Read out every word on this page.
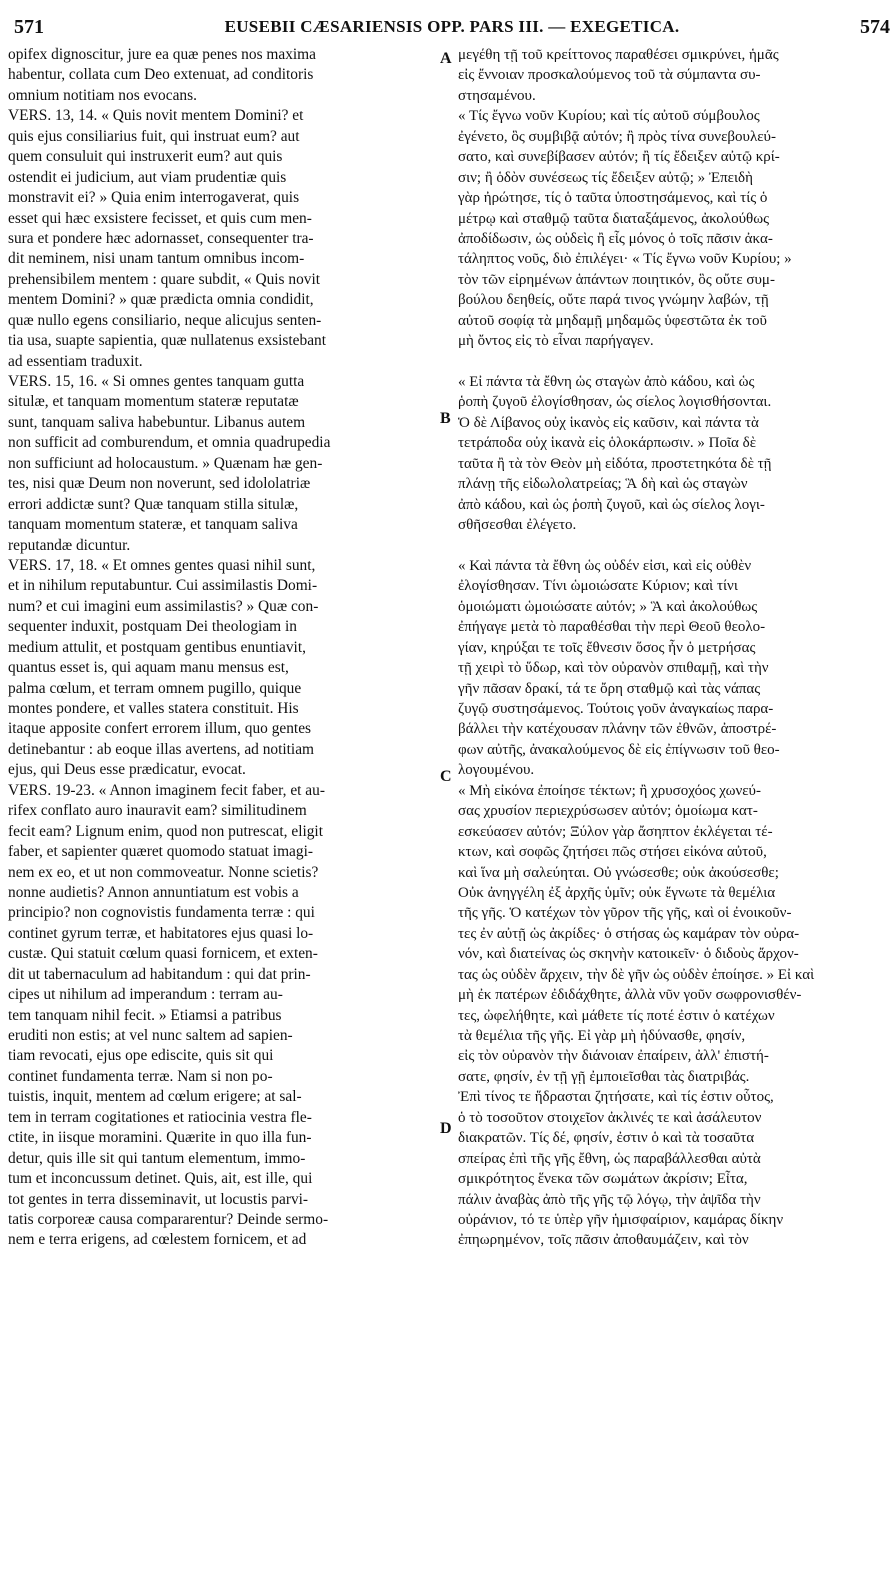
571	EUSEBII CÆSARIENSIS OPP. PARS III. — EXEGETICA.	574
opifex dignoscitur, jure ea quæ penes nos maxima
habentur, collata cum Deo extenuat, ad conditoris
omnium notitiam nos evocans.
VERS. 13, 14. « Quis novit mentem Domini? et
quis ejus consiliarius fuit, qui instruat eum? aut
quem consuluit qui instruxerit eum? aut quis
ostendit ei judicium, aut viam prudentiæ quis
monstravit ei? » Quia enim interrogaverat, quis
esset qui hæc exsistere fecisset, et quis cum men-
sura et pondere hæc adornasset, consequenter tra-
dit neminem, nisi unam tantum omnibus incom-
prehensibilem mentem : quare subdit, « Quis novit
mentem Domini? » quæ prædicta omnia condidit,
quæ nullo egens consiliario, neque alicujus senten-
tia usa, suapte sapientia, quæ nullatenus exsistebant
ad essentiam traduxit.
VERS. 15, 16. « Si omnes gentes tanquam gutta
situlæ, et tanquam momentum stateræ reputatæ
sunt, tanquam saliva habebuntur. Libanus autem
non sufficit ad comburendum, et omnia quadrupedia
non sufficiunt ad holocaustum. » Quænam hæ gen-
tes, nisi quæ Deum non noverunt, sed idololatriæ
errori addictæ sunt? Quæ tanquam stilla situlæ,
tanquam momentum stateræ, et tanquam saliva
reputandæ dicuntur.
VERS. 17, 18. « Et omnes gentes quasi nihil sunt,
et in nihilum reputabuntur. Cui assimilastis Domi-
num? et cui imagini eum assimilastis? » Quæ con-
sequenter induxit, postquam Dei theologiam in
medium attulit, et postquam gentibus enuntiavit,
quantus esset is, qui aquam manu mensus est,
palma cœlum, et terram omnem pugillo, quique
montes pondere, et valles statera constituit. His
itaque apposite confert errorem illum, quo gentes
detinebantur : ab eoque illas avertens, ad notitiam
ejus, qui Deus esse prædicatur, evocat.
VERS. 19-23. « Annon imaginem fecit faber, et au-
rifex conflato auro inauravit eam? similitudinem
fecit eam? Lignum enim, quod non putrescat, eligit
faber, et sapienter quæret quomodo statuat imagi-
nem ex eo, et ut non commoveatur. Nonne scietis?
nonne audietis? Annon annuntiatum est vobis a
principio? non cognovistis fundamenta terræ : qui
continet gyrum terræ, et habitatores ejus quasi lo-
custæ. Qui statuit cœlum quasi fornicem, et exten-
dit ut tabernaculum ad habitandum : qui dat prin-
cipes ut nihilum ad imperandum : terram au-
tem tanquam nihil fecit. » Etiamsi a patribus
eruditi non estis; at vel nunc saltem ad sapien-
tiam revocati, ejus ope ediscite, quis sit qui
continet fundamenta terræ. Nam si non po-
tuistis, inquit, mentem ad cœlum erigere; at sal-
tem in terram cogitationes et ratiocinia vestra fle-
ctite, in iisque moramini. Quærite in quo illa fun-
detur, quis ille sit qui tantum elementum, immo-
tum et inconcussum detinet. Quis, ait, est ille, qui
tot gentes in terra disseminavit, ut locustis parvi-
tatis corporeæ causa compararentur? Deinde sermo-
nem e terra erigens, ad cœlestem fornicem, et ad
A
B
C
D
μεγέθη τῇ τοῦ κρείττονος παραθέσει σμικρύνει, ἡμᾶς
εἰς ἔννοιαν προσκαλούμενος τοῦ τὰ σύμπαντα συ-
στησαμένου.
« Τίς ἔγνω νοῦν Κυρίου; καὶ τίς αὐτοῦ σύμβουλος
ἐγένετο, ὃς συμβιβᾷ αὐτόν; ἢ πρὸς τίνα συνεβουλεύ-
σατο, καὶ συνεβίβασεν αὐτόν; ἢ τίς ἔδειξεν αὐτῷ κρί-
σιν; ἢ ὁδὸν συνέσεως τίς ἔδειξεν αὐτῷ; » Ἐπειδὴ
γὰρ ἠρώτησε, τίς ὁ ταῦτα ὑποστησάμενος, καὶ τίς ὁ
μέτρῳ καὶ σταθμῷ ταῦτα διαταξάμενος, ἀκολούθως
ἀποδίδωσιν, ὡς οὐδεὶς ἢ εἷς μόνος ὁ τοῖς πᾶσιν ἀκα-
τάληπτος νοῦς, διὸ ἐπιλέγει· « Τίς ἔγνω νοῦν Κυρίου; »
τὸν τῶν εἰρημένων ἁπάντων ποιητικόν, ὃς οὔτε συμ-
βούλου δεηθείς, οὔτε παρά τινος γνώμην λαβών, τῇ
αὐτοῦ σοφίᾳ τὰ μηδαμῇ μηδαμῶς ὑφεστῶτα ἐκ τοῦ
μὴ ὄντος εἰς τὸ εἶναι παρήγαγεν.
« Εἰ πάντα τὰ ἔθνη ὡς σταγὼν ἀπὸ κάδου, καὶ ὡς
ῥοπὴ ζυγοῦ ἐλογίσθησαν, ὡς σίελος λογισθήσονται.
Ὁ δὲ Λίβανος οὐχ ἱκανὸς εἰς καῦσιν, καὶ πάντα τὰ
τετράποδα οὐχ ἱκανὰ εἰς ὁλοκάρπωσιν. » Ποῖα δὲ
ταῦτα ἢ τὰ τὸν Θεὸν μὴ εἰδότα, προστετηκότα δὲ τῇ
πλάνῃ τῆς εἰδωλολατρείας; Ἃ δὴ καὶ ὡς σταγὼν
ἀπὸ κάδου, καὶ ὡς ῥοπὴ ζυγοῦ, καὶ ὡς σίελος λογι-
σθῆσεσθαι ἐλέγετο.
« Καὶ πάντα τὰ ἔθνη ὡς οὐδέν εἰσι, καὶ εἰς οὐθὲν
ἐλογίσθησαν. Τίνι ὡμοιώσατε Κύριον; καὶ τίνι
ὁμοιώματι ὡμοιώσατε αὐτόν; » Ἃ καὶ ἀκολούθως
ἐπήγαγε μετὰ τὸ παραθέσθαι τὴν περὶ Θεοῦ θεολο-
γίαν, κηρύξαι τε τοῖς ἔθνεσιν ὅσος ἦν ὁ μετρήσας
τῇ χειρὶ τὸ ὕδωρ, καὶ τὸν οὐρανὸν σπιθαμῇ, καὶ τὴν
γῆν πᾶσαν δρακί, τά τε ὄρη σταθμῷ καὶ τὰς νάπας
ζυγῷ συστησάμενος. Τούτοις γοῦν ἀναγκαίως παρα-
βάλλει τὴν κατέχουσαν πλάνην τῶν ἐθνῶν, ἀποστρέ-
φων αὐτῆς, ἀνακαλούμενος δὲ εἰς ἐπίγνωσιν τοῦ θεο-
λογουμένου.
« Μὴ εἰκόνα ἐποίησε τέκτων; ἢ χρυσοχόος χωνεύ-
σας χρυσίον περιεχρύσωσεν αὐτόν; ὁμοίωμα κατ-
εσκεύασεν αὐτόν; Ξύλον γὰρ ἄσηπτον ἐκλέγεται τέ-
κτων, καὶ σοφῶς ζητήσει πῶς στήσει εἰκόνα αὐτοῦ,
καὶ ἵνα μὴ σαλεύηται. Οὐ γνώσεσθε; οὐκ ἀκούσεσθε;
Οὐκ ἀνηγγέλη ἐξ ἀρχῆς ὑμῖν; οὐκ ἔγνωτε τὰ θεμέλια
τῆς γῆς. Ὁ κατέχων τὸν γῦρον τῆς γῆς, καὶ οἱ ἐνοικοῦν-
τες ἐν αὐτῇ ὡς ἀκρίδες· ὁ στήσας ὡς καμάραν τὸν οὐρα-
νόν, καὶ διατείνας ὡς σκηνὴν κατοικεῖν· ὁ διδοὺς ἄρχον-
τας ὡς οὐδὲν ἄρχειν, τὴν δὲ γῆν ὡς οὐδὲν ἐποίησε. » Εἰ καὶ
μὴ ἐκ πατέρων ἐδιδάχθητε, ἀλλὰ νῦν γοῦν σωφρονισθέν-
τες, ὠφελήθητε, καὶ μάθετε τίς ποτέ ἐστιν ὁ κατέχων
τὰ θεμέλια τῆς γῆς. Εἰ γὰρ μὴ ἠδύνασθε, φησίν,
εἰς τὸν οὐρανὸν τὴν διάνοιαν ἐπαίρειν, ἀλλ' ἐπιστή-
σατε, φησίν, ἐν τῇ γῇ ἐμποιεῖσθαι τὰς διατριβάς.
Ἐπὶ τίνος τε ἥδρασται ζητήσατε, καὶ τίς ἐστιν οὗτος,
ὁ τὸ τοσοῦτον στοιχεῖον ἀκλινές τε καὶ ἀσάλευτον
διακρατῶν. Τίς δέ, φησίν, ἐστιν ὁ καὶ τὰ τοσαῦτα
σπείρας ἐπὶ τῆς γῆς ἔθνη, ὡς παραβάλλεσθαι αὐτὰ
σμικρότητος ἕνεκα τῶν σωμάτων ἀκρίσιν; Εἶτα,
πάλιν ἀναβὰς ἀπὸ τῆς γῆς τῷ λόγῳ, τὴν ἀψῖδα τὴν
οὐράνιον, τό τε ὑπὲρ γῆν ἡμισφαίριον, καμάρας δίκην
ἐπηωρημένον, τοῖς πᾶσιν ἀποθαυμάζειν, καὶ τὸν
